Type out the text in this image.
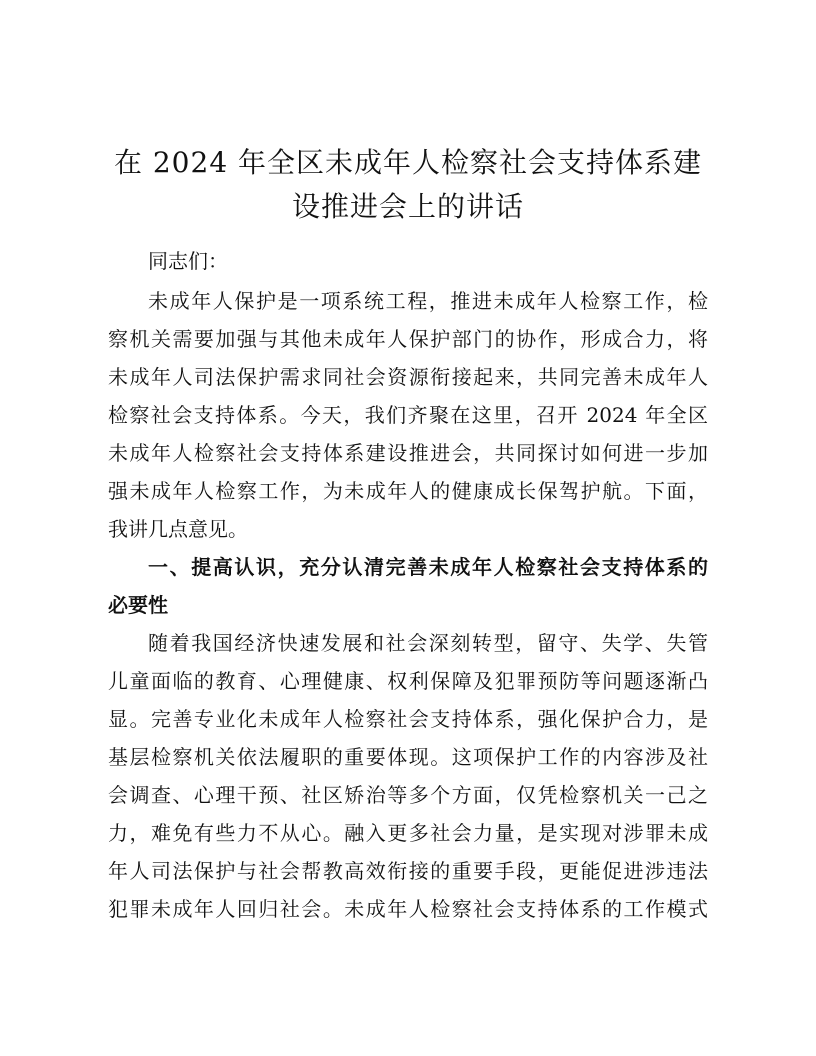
在 2024 年全区未成年人检察社会支持体系建
设推进会上的讲话
同志们：
未成年人保护是一项系统工程，推进未成年人检察工作，检
察机关需要加强与其他未成年人保护部门的协作，形成合力，将
未成年人司法保护需求同社会资源衔接起来，共同完善未成年人
检察社会支持体系。今天，我们齐聚在这里，召开 2024 年全区
未成年人检察社会支持体系建设推进会，共同探讨如何进一步加
强未成年人检察工作，为未成年人的健康成长保驾护航。下面，
我讲几点意见。
一、提高认识，充分认清完善未成年人检察社会支持体系的
必要性
随着我国经济快速发展和社会深刻转型，留守、失学、失管
儿童面临的教育、心理健康、权利保障及犯罪预防等问题逐渐凸
显。完善专业化未成年人检察社会支持体系，强化保护合力，是
基层检察机关依法履职的重要体现。这项保护工作的内容涉及社
会调查、心理干预、社区矫治等多个方面，仅凭检察机关一己之
力，难免有些力不从心。融入更多社会力量，是实现对涉罪未成
年人司法保护与社会帮教高效衔接的重要手段，更能促进涉违法
犯罪未成年人回归社会。未成年人检察社会支持体系的工作模式
